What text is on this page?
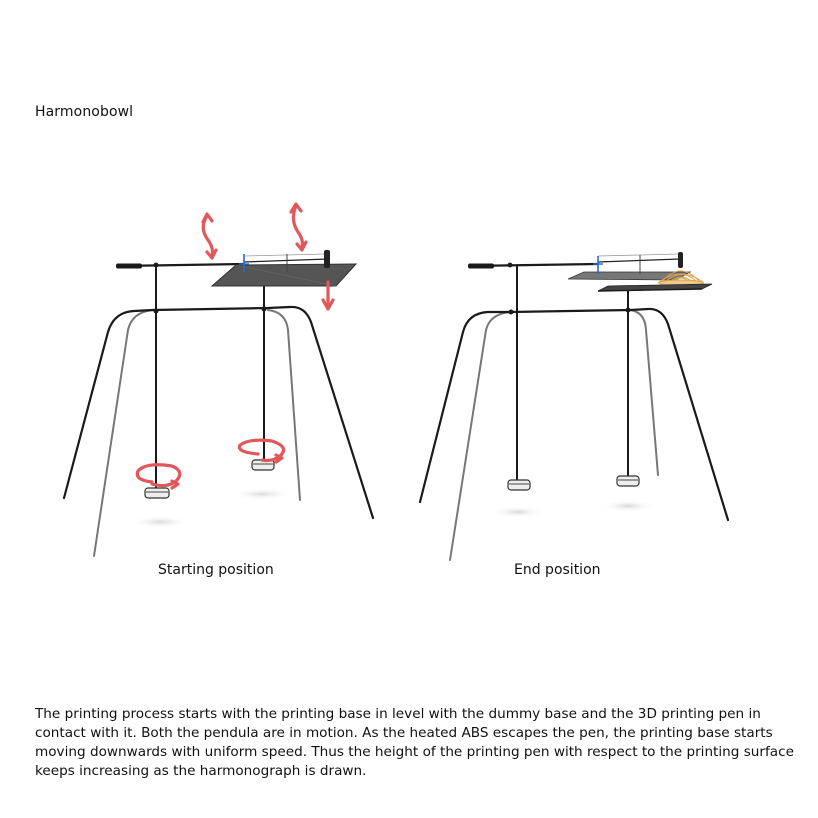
Harmonobowl
Starting position	End position
The printing process starts with the printing base in level with the dummy base and the 3D printing pen in contact with it. Both the pendula are in motion. As the heated ABS escapes the pen, the printing base starts moving downwards with uniform speed. Thus the height of the printing pen with respect to the printing surface keeps increasing as the harmonograph is drawn.
